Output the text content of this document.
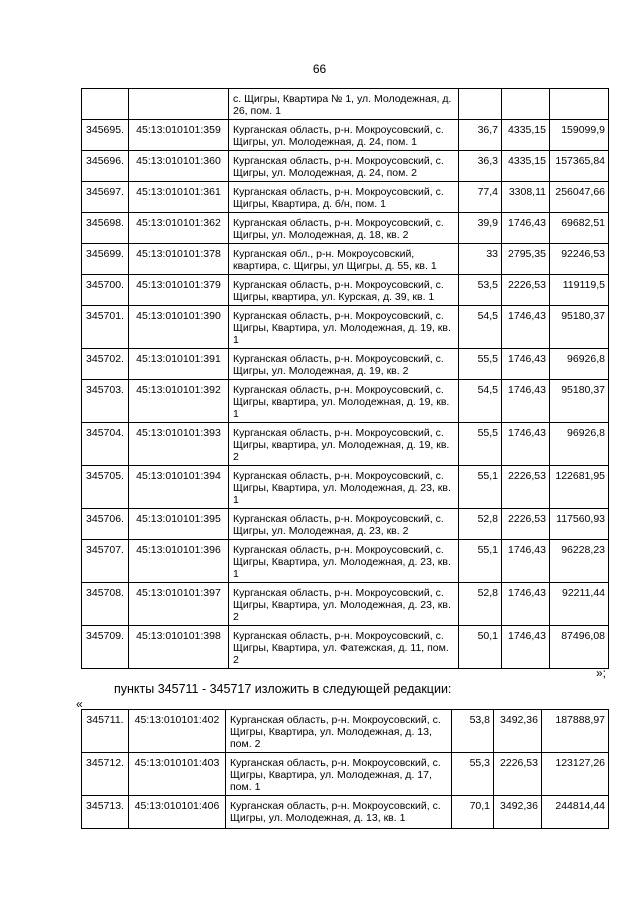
66
		с. Щигры, Квартира № 1, ул. Молодежная, д. 26, пом. 1			
345695.	45:13:010101:359	Курганская область, р-н. Мокроусовский, с. Щигры, ул. Молодежная, д. 24, пом. 1	36,7	4335,15	159099,9
345696.	45:13:010101:360	Курганская область, р-н. Мокроусовский, с. Щигры, ул. Молодежная, д. 24, пом. 2	36,3	4335,15	157365,84
345697.	45:13:010101:361	Курганская область, р-н. Мокроусовский, с. Щигры, Квартира, д. б/н, пом. 1	77,4	3308,11	256047,66
345698.	45:13:010101:362	Курганская область, р-н. Мокроусовский, с. Щигры, ул. Молодежная, д. 18, кв. 2	39,9	1746,43	69682,51
345699.	45:13:010101:378	Курганская обл., р-н. Мокроусовский, квартира, с. Щигры, ул Щигры, д. 55, кв. 1	33	2795,35	92246,53
345700.	45:13:010101:379	Курганская область, р-н. Мокроусовский, с. Щигры, квартира, ул. Курская, д. 39, кв. 1	53,5	2226,53	119119,5
345701.	45:13:010101:390	Курганская область, р-н. Мокроусовский, с. Щигры, Квартира, ул. Молодежная, д. 19, кв. 1	54,5	1746,43	95180,37
345702.	45:13:010101:391	Курганская область, р-н. Мокроусовский, с. Щигры, ул. Молодежная, д. 19, кв. 2	55,5	1746,43	96926,8
345703.	45:13:010101:392	Курганская область, р-н. Мокроусовский, с. Щигры, квартира, ул. Молодежная, д. 19, кв. 1	54,5	1746,43	95180,37
345704.	45:13:010101:393	Курганская область, р-н. Мокроусовский, с. Щигры, квартира, ул. Молодежная, д. 19, кв. 2	55,5	1746,43	96926,8
345705.	45:13:010101:394	Курганская область, р-н. Мокроусовский, с. Щигры, Квартира, ул. Молодежная, д. 23, кв. 1	55,1	2226,53	122681,95
345706.	45:13:010101:395	Курганская область, р-н. Мокроусовский, с. Щигры, ул. Молодежная, д. 23, кв. 2	52,8	2226,53	117560,93
345707.	45:13:010101:396	Курганская область, р-н. Мокроусовский, с. Щигры, Квартира, ул. Молодежная, д. 23, кв. 1	55,1	1746,43	96228,23
345708.	45:13:010101:397	Курганская область, р-н. Мокроусовский, с. Щигры, Квартира, ул. Молодежная, д. 23, кв. 2	52,8	1746,43	92211,44
345709.	45:13:010101:398	Курганская область, р-н. Мокроусовский, с. Щигры, Квартира, ул. Фатежская, д. 11, пом. 2	50,1	1746,43	87496,08
»;
пункты 345711 - 345717 изложить в следующей редакции:
«
345711.	45:13:010101:402	Курганская область, р-н. Мокроусовский, с. Щигры, Квартира, ул. Молодежная, д. 13, пом. 2	53,8	3492,36	187888,97
345712.	45:13:010101:403	Курганская область, р-н. Мокроусовский, с. Щигры, Квартира, ул. Молодежная, д. 17, пом. 1	55,3	2226,53	123127,26
345713.	45:13:010101:406	Курганская область, р-н. Мокроусовский, с. Щигры, ул. Молодежная, д. 13, кв. 1	70,1	3492,36	244814,44
